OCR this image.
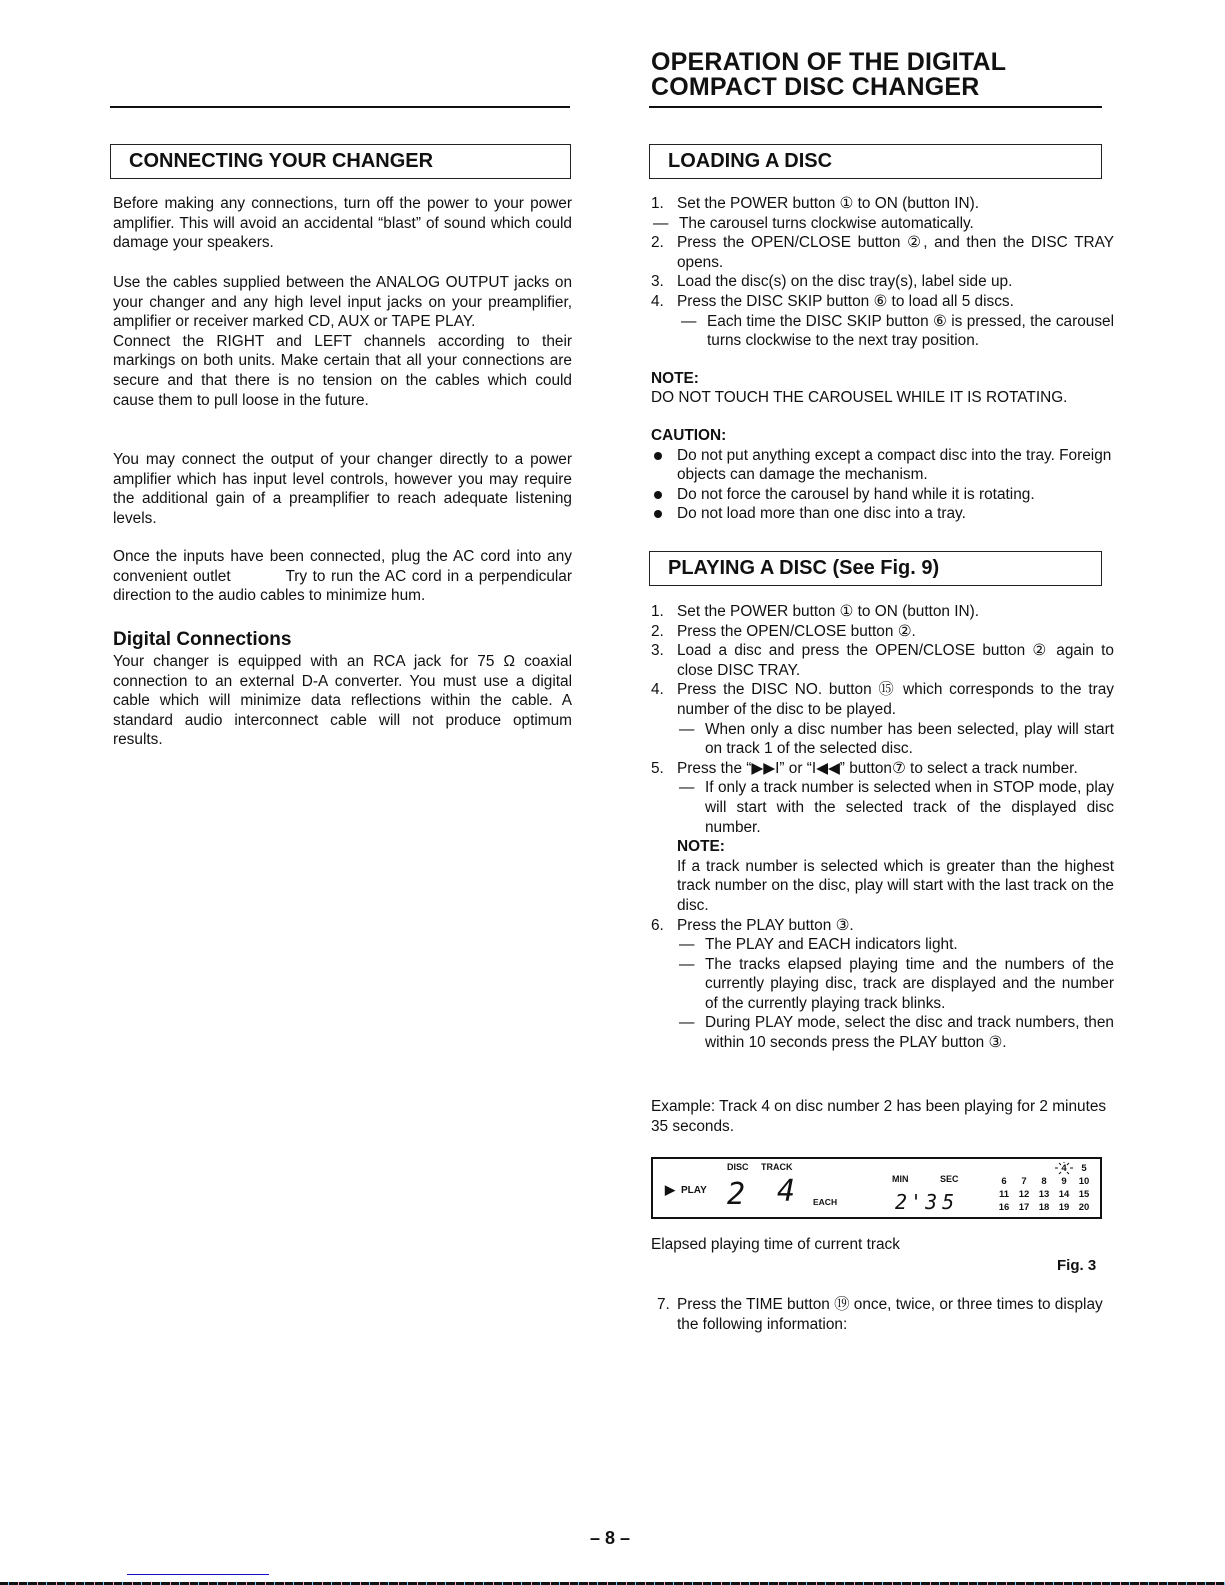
OPERATION OF THE DIGITAL
COMPACT DISC CHANGER
CONNECTING YOUR CHANGER

Before making any connections, turn off the power to your power amplifier. This will avoid an accidental “blast” of sound which could damage your speakers.

Use the cables supplied between the ANALOG OUTPUT jacks on your changer and any high level input jacks on your preamplifier, amplifier or receiver marked CD, AUX or TAPE PLAY.

Connect the RIGHT and LEFT channels according to their markings on both units. Make certain that all your connections are secure and that there is no tension on the cables which could cause them to pull loose in the future.

You may connect the output of your changer directly to a power amplifier which has input level controls, however you may require the additional gain of a preamplifier to reach adequate listening levels.

Once the inputs have been connected, plug the AC cord into any convenient outlet          Try to run the AC cord in a perpendicular direction to the audio cables to minimize hum.

Digital Connections
Your changer is equipped with an RCA jack for 75 Ω coaxial connection to an external D-A converter. You must use a digital cable which will minimize data reflections within the cable. A standard audio interconnect cable will not produce optimum results.
LOADING A DISC
1. Set the POWER button ① to ON (button IN).
— The carousel turns clockwise automatically.
2. Press the OPEN/CLOSE button ②, and then the DISC TRAY opens.
3. Load the disc(s) on the disc tray(s), label side up.
4. Press the DISC SKIP button ⑥ to load all 5 discs.
— Each time the DISC SKIP button ⑥ is pressed, the carousel turns clockwise to the next tray position.
NOTE:
DO NOT TOUCH THE CAROUSEL WHILE IT IS ROTATING.
CAUTION:
Do not put anything except a compact disc into the tray. Foreign objects can damage the mechanism.
Do not force the carousel by hand while it is rotating.
Do not load more than one disc into a tray.
PLAYING A DISC (See Fig. 9)
1. Set the POWER button ① to ON (button IN).
2. Press the OPEN/CLOSE button ②.
3. Load a disc and press the OPEN/CLOSE button ② again to close DISC TRAY.
4. Press the DISC NO. button ⑮ which corresponds to the tray number of the disc to be played.
— When only a disc number has been selected, play will start on track 1 of the selected disc.
5. Press the “▶▶I” or “I◀◀” button⑦ to select a track number.
— If only a track number is selected when in STOP mode, play will start with the selected track of the displayed disc number.
NOTE:
If a track number is selected which is greater than the highest track number on the disc, play will start with the last track on the disc.
6. Press the PLAY button ③.
— The PLAY and EACH indicators light.
— The tracks elapsed playing time and the numbers of the currently playing disc, track are displayed and the number of the currently playing track blinks.
— During PLAY mode, select the disc and track numbers, then within 10 seconds press the PLAY button ③.
Example: Track 4 on disc number 2 has been playing for 2 minutes 35 seconds.
▶ PLAY
DISC TRACK
2 4 EACH
MIN	SEC
2 ' 35
4	5
6	7	8	9	10
11	12 13 14 15
16 17 18 19 20
Elapsed playing time of current track
Fig. 3
7. Press the TIME button ⑲ once, twice, or three times to display the following information:
– 8 –
